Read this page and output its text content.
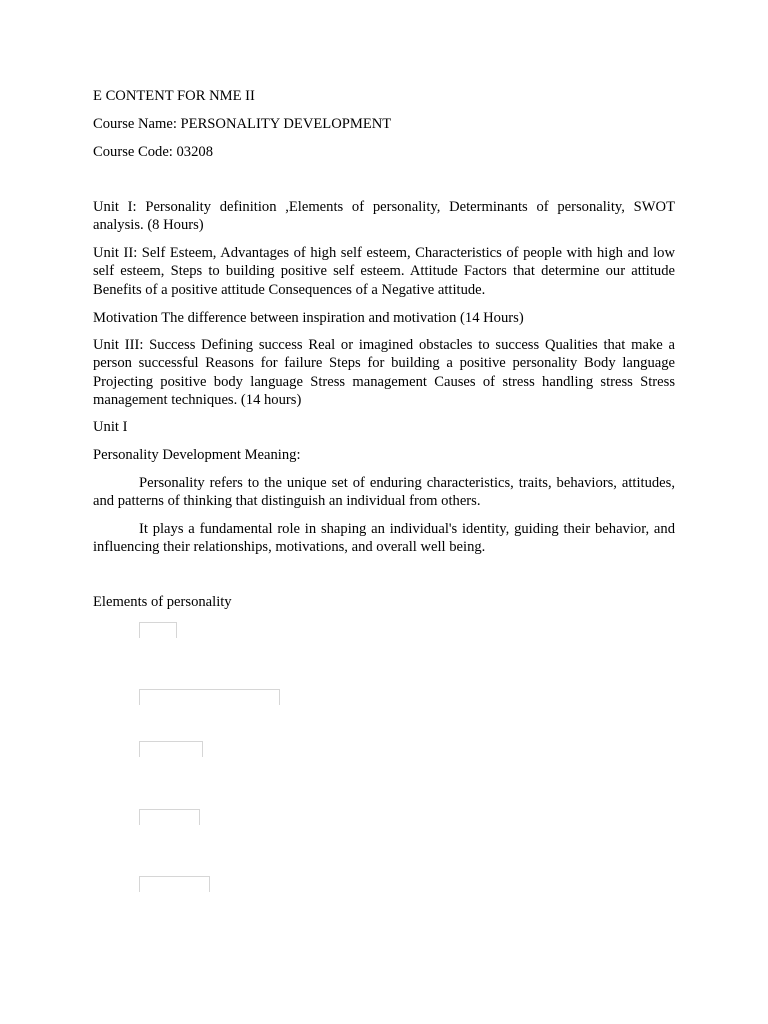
E CONTENT FOR NME II
Course Name: PERSONALITY DEVELOPMENT
Course Code: 03208
Unit I: Personality definition ,Elements of personality, Determinants of personality, SWOT analysis. (8 Hours)
Unit II: Self Esteem, Advantages of high self esteem, Characteristics of people with high and low self esteem, Steps to building positive self esteem. Attitude Factors that determine our attitude Benefits of a positive attitude Consequences of a Negative attitude.
Motivation The difference between inspiration and motivation (14 Hours)
Unit III: Success Defining success Real or imagined obstacles to success Qualities that make a person successful Reasons for failure Steps for building a positive personality Body language Projecting positive body language Stress management Causes of stress handling stress Stress management techniques. (14 hours)
Unit I
Personality Development Meaning:
Personality refers to the unique set of enduring characteristics, traits, behaviors, attitudes, and patterns of thinking that distinguish an individual from others.
It plays a fundamental role in shaping an individual's identity, guiding their behavior, and influencing their relationships, motivations, and overall well being.
Elements of personality
